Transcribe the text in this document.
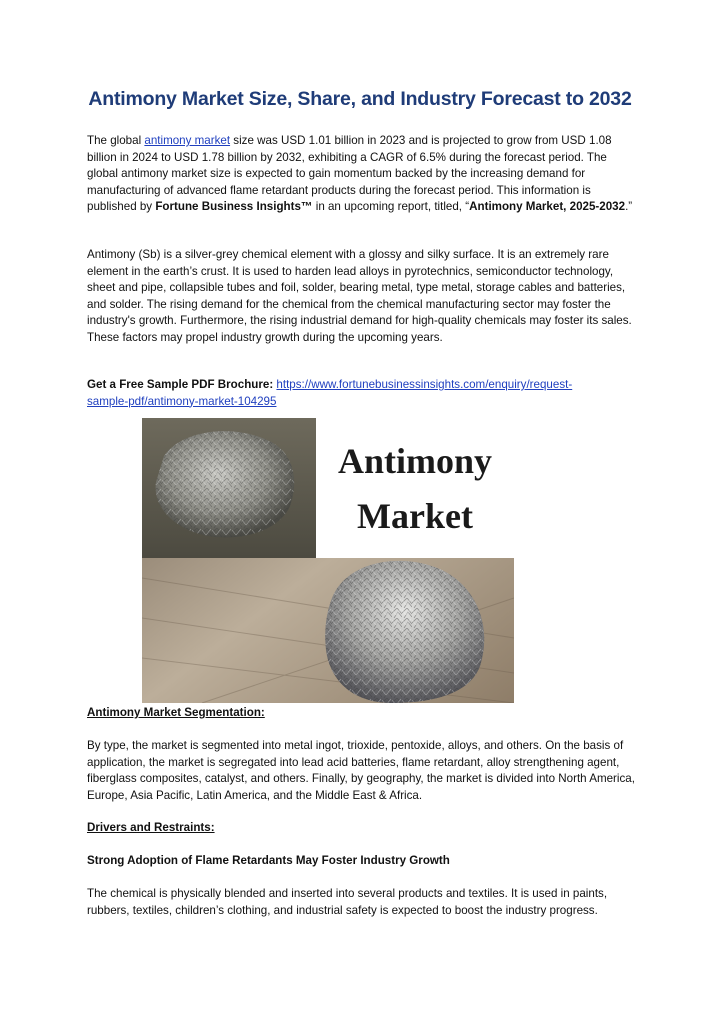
Antimony Market Size, Share, and Industry Forecast to 2032

The global antimony market size was USD 1.01 billion in 2023 and is projected to grow from USD 1.08 billion in 2024 to USD 1.78 billion by 2032, exhibiting a CAGR of 6.5% during the forecast period. The global antimony market size is expected to gain momentum backed by the increasing demand for manufacturing of advanced flame retardant products during the forecast period. This information is published by Fortune Business Insights™ in an upcoming report, titled, “Antimony Market, 2025-2032.”

Antimony (Sb) is a silver-grey chemical element with a glossy and silky surface. It is an extremely rare element in the earth’s crust. It is used to harden lead alloys in pyrotechnics, semiconductor technology, sheet and pipe, collapsible tubes and foil, solder, bearing metal, type metal, storage cables and batteries, and solder. The rising demand for the chemical from the chemical manufacturing sector may foster the industry's growth. Furthermore, the rising industrial demand for high-quality chemicals may foster its sales. These factors may propel industry growth during the upcoming years.

Get a Free Sample PDF Brochure: https://www.fortunebusinessinsights.com/enquiry/request-
sample-pdf/antimony-market-104295

Antimony
Market

Antimony Market Segmentation:

By type, the market is segmented into metal ingot, trioxide, pentoxide, alloys, and others. On the basis of application, the market is segregated into lead acid batteries, flame retardant, alloy strengthening agent, fiberglass composites, catalyst, and others. Finally, by geography, the market is divided into North America, Europe, Asia Pacific, Latin America, and the Middle East & Africa.

Drivers and Restraints:

Strong Adoption of Flame Retardants May Foster Industry Growth

The chemical is physically blended and inserted into several products and textiles. It is used in paints, rubbers, textiles, children’s clothing, and industrial safety is expected to boost the industry progress.
